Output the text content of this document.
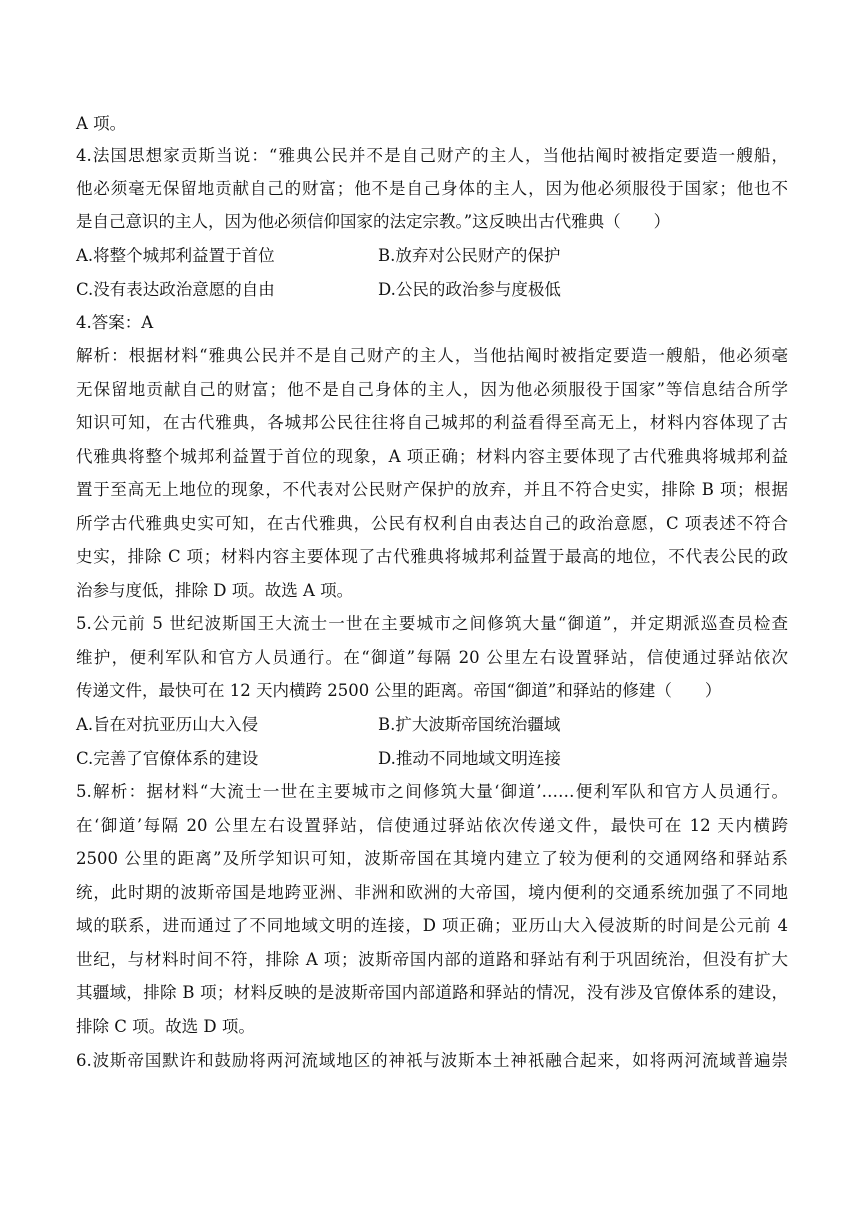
A 项。
4.法国思想家贡斯当说：“雅典公民并不是自己财产的主人，当他拈阄时被指定要造一艘船，
他必须毫无保留地贡献自己的财富；他不是自己身体的主人，因为他必须服役于国家；他也不
是自己意识的主人，因为他必须信仰国家的法定宗教。”这反映出古代雅典（　　）
A.将整个城邦利益置于首位	B.放弃对公民财产的保护
C.没有表达政治意愿的自由	D.公民的政治参与度极低
4.答案：A
解析：根据材料“雅典公民并不是自己财产的主人，当他拈阄时被指定要造一艘船，他必须毫
无保留地贡献自己的财富；他不是自己身体的主人，因为他必须服役于国家”等信息结合所学
知识可知，在古代雅典，各城邦公民往往将自己城邦的利益看得至高无上，材料内容体现了古
代雅典将整个城邦利益置于首位的现象，A 项正确；材料内容主要体现了古代雅典将城邦利益
置于至高无上地位的现象，不代表对公民财产保护的放弃，并且不符合史实，排除 B 项；根据
所学古代雅典史实可知，在古代雅典，公民有权利自由表达自己的政治意愿，C 项表述不符合
史实，排除 C 项；材料内容主要体现了古代雅典将城邦利益置于最高的地位，不代表公民的政
治参与度低，排除 D 项。故选 A 项。
5.公元前 5 世纪波斯国王大流士一世在主要城市之间修筑大量“御道”，并定期派巡查员检查
维护，便利军队和官方人员通行。在“御道”每隔 20 公里左右设置驿站，信使通过驿站依次
传递文件，最快可在 12 天内横跨 2500 公里的距离。帝国“御道”和驿站的修建（　　）
A.旨在对抗亚历山大入侵	B.扩大波斯帝国统治疆域
C.完善了官僚体系的建设	D.推动不同地域文明连接
5.解析：据材料“大流士一世在主要城市之间修筑大量‘御道’……便利军队和官方人员通行。
在‘御道’每隔 20 公里左右设置驿站，信使通过驿站依次传递文件，最快可在 12 天内横跨
2500 公里的距离”及所学知识可知，波斯帝国在其境内建立了较为便利的交通网络和驿站系
统，此时期的波斯帝国是地跨亚洲、非洲和欧洲的大帝国，境内便利的交通系统加强了不同地
域的联系，进而通过了不同地域文明的连接，D 项正确；亚历山大入侵波斯的时间是公元前 4
世纪，与材料时间不符，排除 A 项；波斯帝国内部的道路和驿站有利于巩固统治，但没有扩大
其疆域，排除 B 项；材料反映的是波斯帝国内部道路和驿站的情况，没有涉及官僚体系的建设，
排除 C 项。故选 D 项。
6.波斯帝国默许和鼓励将两河流域地区的神祇与波斯本土神祇融合起来，如将两河流域普遍崇
